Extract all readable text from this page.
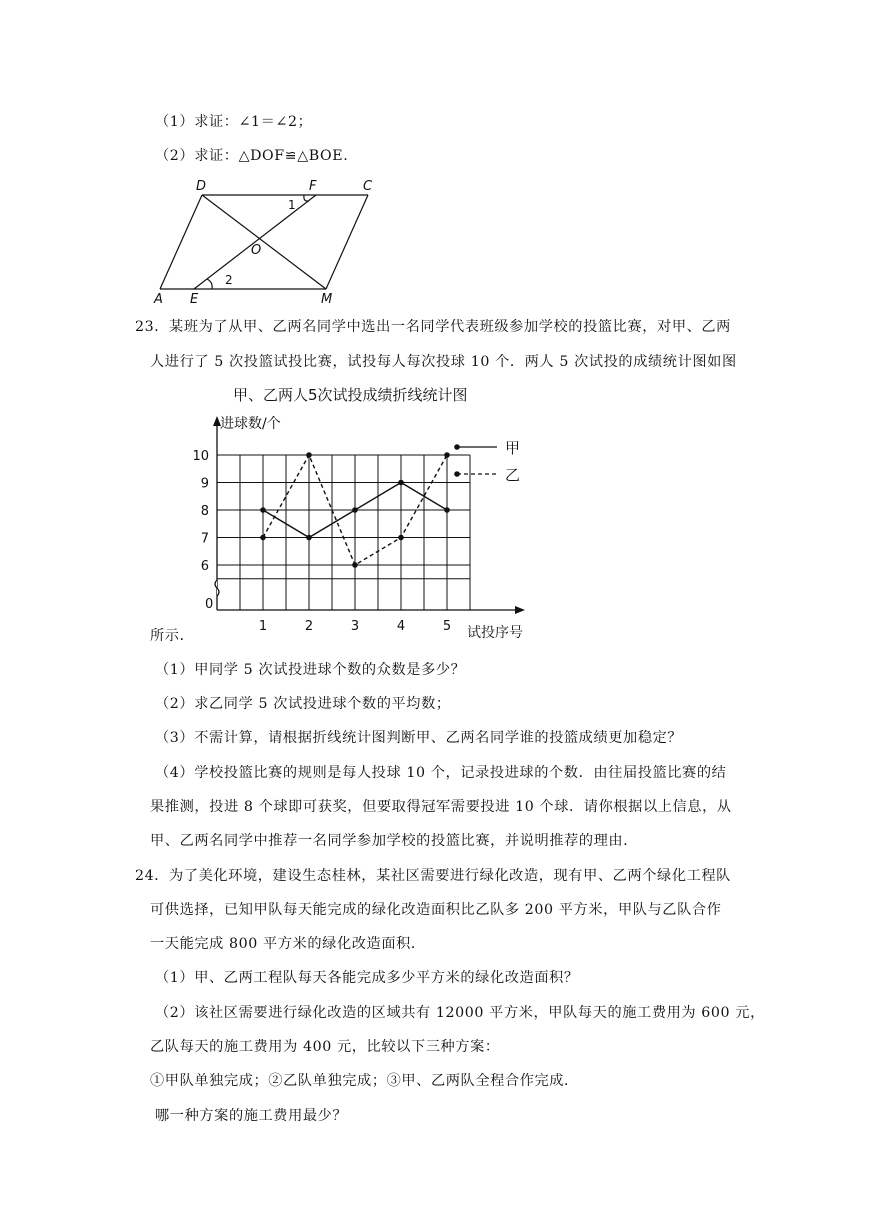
（1）求证：∠1＝∠2；
（2）求证：△DOF≌△BOE.
D	F	C
O
A E	M
1
2
23．某班为了从甲、乙两名同学中选出一名同学代表班级参加学校的投篮比赛，对甲、乙两
人进行了 5 次投篮试投比赛，试投每人每次投球 10 个．两人 5 次试投的成绩统计图如图
甲、乙两人5次试投成绩折线统计图
进球数/个
试投序号
0
6
7
8
9
10
1	2	3	4	5
甲
乙
所示．
（1）甲同学 5 次试投进球个数的众数是多少？
（2）求乙同学 5 次试投进球个数的平均数；
（3）不需计算，请根据折线统计图判断甲、乙两名同学谁的投篮成绩更加稳定？
（4）学校投篮比赛的规则是每人投球 10 个，记录投进球的个数．由往届投篮比赛的结
果推测，投进 8 个球即可获奖，但要取得冠军需要投进 10 个球．请你根据以上信息，从
甲、乙两名同学中推荐一名同学参加学校的投篮比赛，并说明推荐的理由．
24．为了美化环境，建设生态桂林，某社区需要进行绿化改造，现有甲、乙两个绿化工程队
可供选择，已知甲队每天能完成的绿化改造面积比乙队多 200 平方米，甲队与乙队合作
一天能完成 800 平方米的绿化改造面积．
（1）甲、乙两工程队每天各能完成多少平方米的绿化改造面积？
（2）该社区需要进行绿化改造的区域共有 12000 平方米，甲队每天的施工费用为 600 元，
乙队每天的施工费用为 400 元，比较以下三种方案：
①甲队单独完成；②乙队单独完成；③甲、乙两队全程合作完成．
哪一种方案的施工费用最少？
